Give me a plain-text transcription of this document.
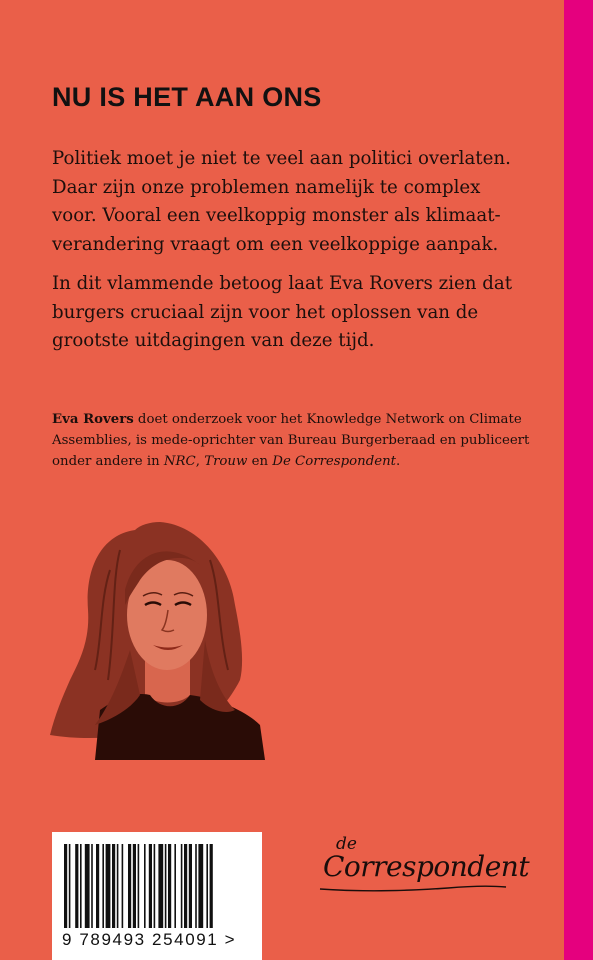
NU IS HET AAN ONS

Politiek moet je niet te veel aan politici overlaten.
Daar zijn onze problemen namelijk te complex
voor. Vooral een veelkoppig monster als klimaat-
verandering vraagt om een veelkoppige aanpak.

In dit vlammende betoog laat Eva Rovers zien dat
burgers cruciaal zijn voor het oplossen van de
grootste uitdagingen van deze tijd.

Eva Rovers doet onderzoek voor het Knowledge Network on Climate Assemblies, is mede-oprichter van Bureau Burgerberaad en publiceert onder andere in NRC, Trouw en De Correspondent.

9 789493 254091 >
de
Correspondent
